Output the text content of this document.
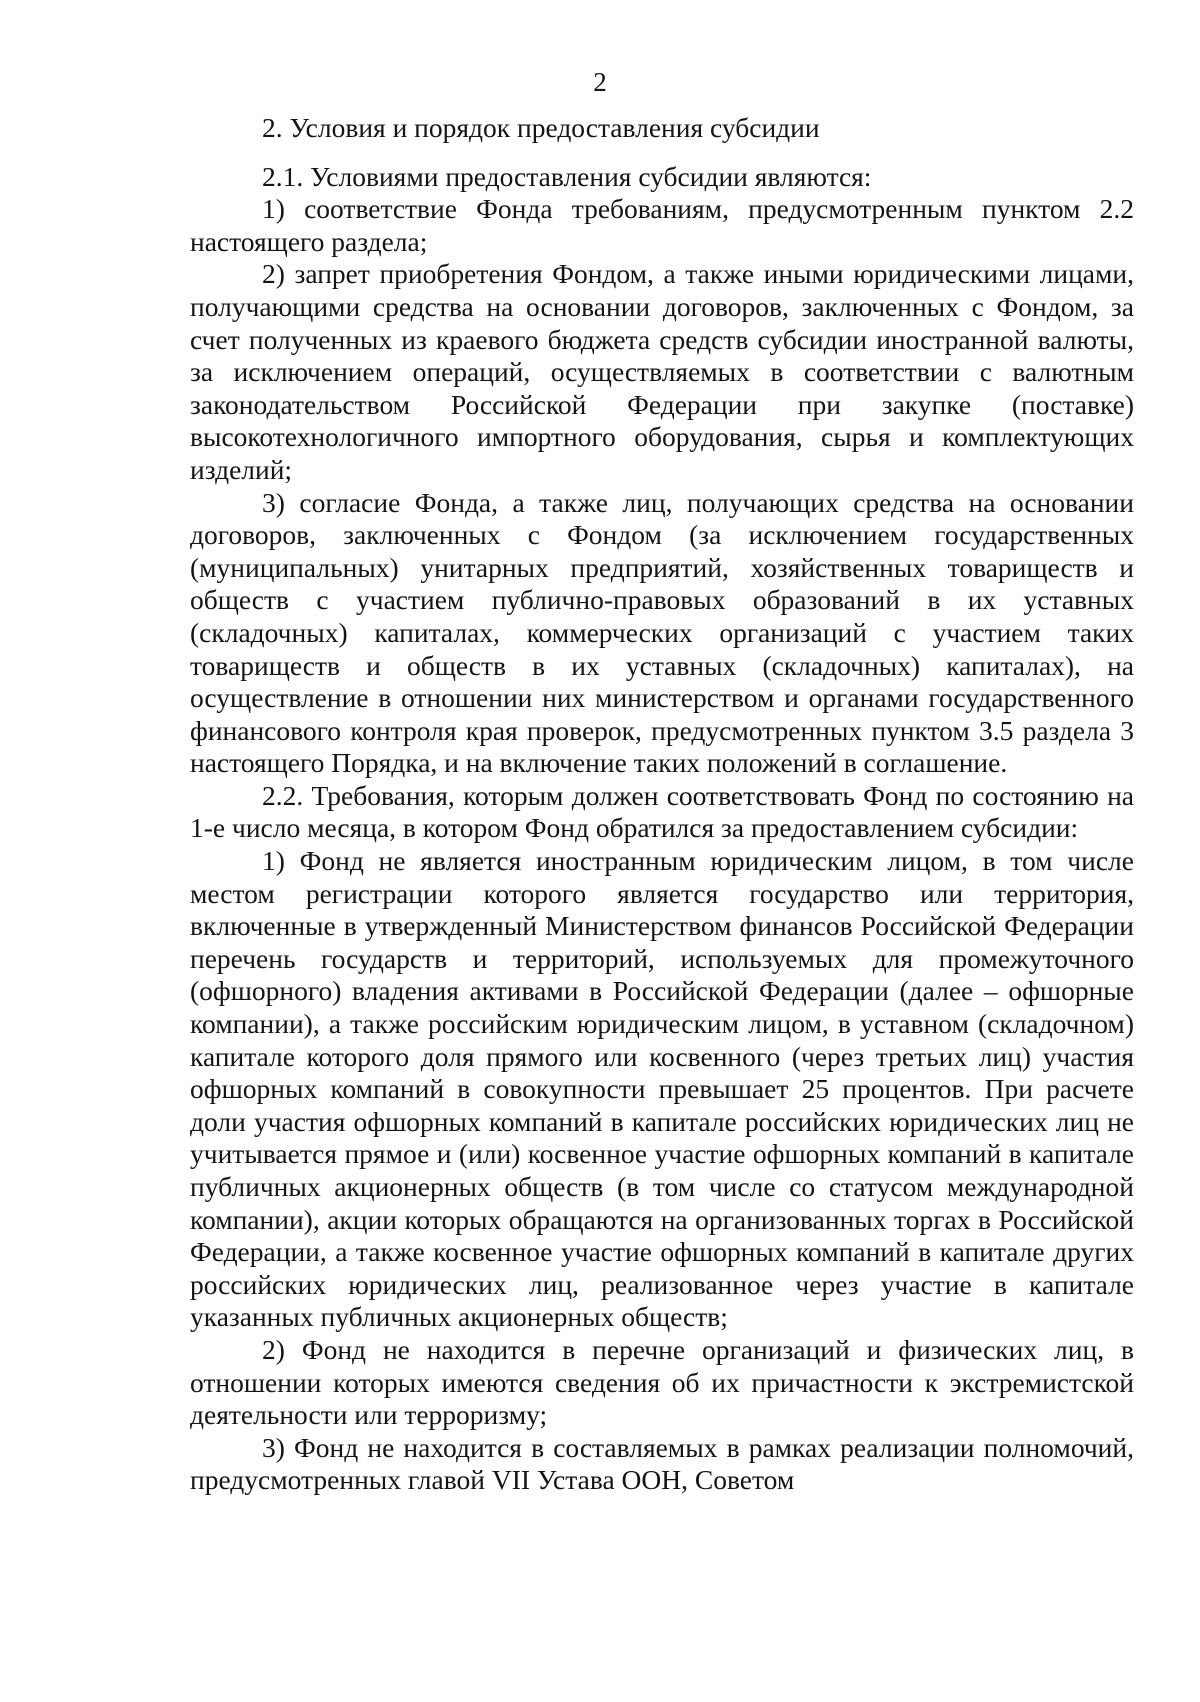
2

2. Условия и порядок предоставления субсидии

2.1. Условиями предоставления субсидии являются:

1) соответствие Фонда требованиям, предусмотренным пунктом 2.2 настоящего раздела;

2) запрет приобретения Фондом, а также иными юридическими лицами, получающими средства на основании договоров, заключенных с Фондом, за счет полученных из краевого бюджета средств субсидии иностранной валюты, за исключением операций, осуществляемых в соответствии с валютным законодательством Российской Федерации при закупке (поставке) высокотехнологичного импортного оборудования, сырья и комплектующих изделий;

3) согласие Фонда, а также лиц, получающих средства на основании договоров, заключенных с Фондом (за исключением государственных (муниципальных) унитарных предприятий, хозяйственных товариществ и обществ с участием публично-правовых образований в их уставных (складочных) капиталах, коммерческих организаций с участием таких товариществ и обществ в их уставных (складочных) капиталах), на осуществление в отношении них министерством и органами государственного финансового контроля края проверок, предусмотренных пунктом 3.5 раздела 3 настоящего Порядка, и на включение таких положений в соглашение.

2.2. Требования, которым должен соответствовать Фонд по состоянию на 1-е число месяца, в котором Фонд обратился за предоставлением субсидии:

1) Фонд не является иностранным юридическим лицом, в том числе местом регистрации которого является государство или территория, включенные в утвержденный Министерством финансов Российской Федерации перечень государств и территорий, используемых для промежуточного (офшорного) владения активами в Российской Федерации (далее – офшорные компании), а также российским юридическим лицом, в уставном (складочном) капитале которого доля прямого или косвенного (через третьих лиц) участия офшорных компаний в совокупности превышает 25 процентов. При расчете доли участия офшорных компаний в капитале российских юридических лиц не учитывается прямое и (или) косвенное участие офшорных компаний в капитале публичных акционерных обществ (в том числе со статусом международной компании), акции которых обращаются на организованных торгах в Российской Федерации, а также косвенное участие офшорных компаний в капитале других российских юридических лиц, реализованное через участие в капитале указанных публичных акционерных обществ;

2) Фонд не находится в перечне организаций и физических лиц, в отношении которых имеются сведения об их причастности к экстремистской деятельности или терроризму;

3) Фонд не находится в составляемых в рамках реализации полномочий, предусмотренных главой VII Устава ООН, Советом
